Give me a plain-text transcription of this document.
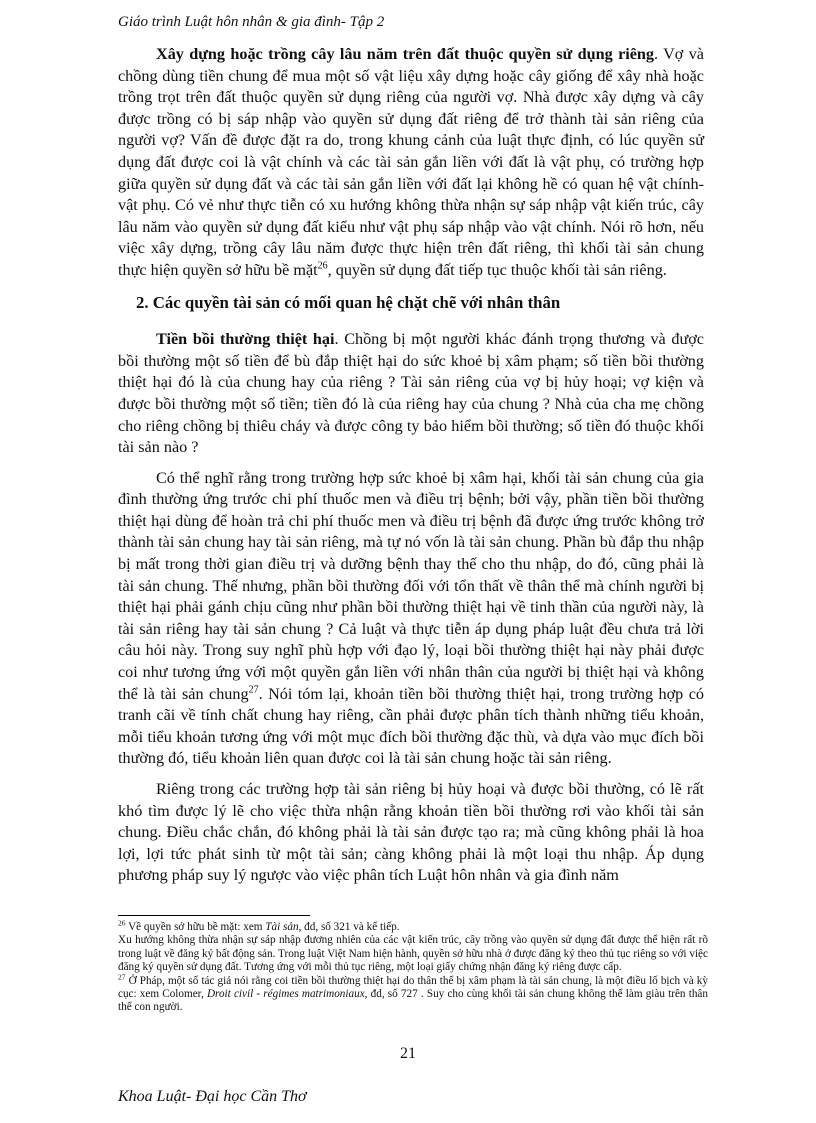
Giáo trình Luật hôn nhân & gia đình- Tập 2

Xây dựng hoặc trồng cây lâu năm trên đất thuộc quyền sử dụng riêng. Vợ và chồng dùng tiền chung để mua một số vật liệu xây dựng hoặc cây giống để xây nhà hoặc trồng trọt trên đất thuộc quyền sử dụng riêng của người vợ. Nhà được xây dựng và cây được trồng có bị sáp nhập vào quyền sử dụng đất riêng để trở thành tài sản riêng của người vợ? Vấn đề được đặt ra do, trong khung cảnh của luật thực định, có lúc quyền sử dụng đất được coi là vật chính và các tài sản gắn liền với đất là vật phụ, có trường hợp giữa quyền sử dụng đất và các tài sản gắn liền với đất lại không hề có quan hệ vật chính-vật phụ. Có vẻ như thực tiễn có xu hướng không thừa nhận sự sáp nhập vật kiến trúc, cây lâu năm vào quyền sử dụng đất kiểu như vật phụ sáp nhập vào vật chính. Nói rõ hơn, nếu việc xây dựng, trồng cây lâu năm được thực hiện trên đất riêng, thì khối tài sản chung thực hiện quyền sở hữu bề mặt$^{26}$, quyền sử dụng đất tiếp tục thuộc khối tài sản riêng.

2. Các quyền tài sản có mối quan hệ chặt chẽ với nhân thân

Tiền bồi thường thiệt hại. Chồng bị một người khác đánh trọng thương và được bồi thường một số tiền để bù đắp thiệt hại do sức khoẻ bị xâm phạm; số tiền bồi thường thiệt hại đó là của chung hay của riêng ? Tài sản riêng của vợ bị hủy hoại; vợ kiện và được bồi thường một số tiền; tiền đó là của riêng hay của chung ? Nhà của cha mẹ chồng cho riêng chồng bị thiêu cháy và được công ty bảo hiểm bồi thường; số tiền đó thuộc khối tài sản nào ?

Có thể nghĩ rằng trong trường hợp sức khoẻ bị xâm hại, khối tài sản chung của gia đình thường ứng trước chi phí thuốc men và điều trị bệnh; bởi vậy, phần tiền bồi thường thiệt hại dùng để hoàn trả chi phí thuốc men và điều trị bệnh đã được ứng trước không trở thành tài sản chung hay tài sản riêng, mà tự nó vốn là tài sản chung. Phần bù đắp thu nhập bị mất trong thời gian điều trị và dưỡng bệnh thay thế cho thu nhập, do đó, cũng phải là tài sản chung. Thế nhưng, phần bồi thường đối với tổn thất về thân thể mà chính người bị thiệt hại phải gánh chịu cũng như phần bồi thường thiệt hại về tinh thần của người này, là tài sản riêng hay tài sản chung ? Cả luật và thực tiễn áp dụng pháp luật đều chưa trả lời câu hỏi này. Trong suy nghĩ phù hợp với đạo lý, loại bồi thường thiệt hại này phải được coi như tương ứng với một quyền gắn liền với nhân thân của người bị thiệt hại và không thể là tài sản chung$^{27}$. Nói tóm lại, khoản tiền bồi thường thiệt hại, trong trường hợp có tranh cãi về tính chất chung hay riêng, cần phải được phân tích thành những tiểu khoản, mỗi tiểu khoản tương ứng với một mục đích bồi thường đặc thù, và dựa vào mục đích bồi thường đó, tiểu khoản liên quan được coi là tài sản chung hoặc tài sản riêng.

Riêng trong các trường hợp tài sản riêng bị hủy hoại và được bồi thường, có lẽ rất khó tìm được lý lẽ cho việc thừa nhận rằng khoản tiền bồi thường rơi vào khối tài sản chung. Điều chắc chắn, đó không phải là tài sản được tạo ra; mà cũng không phải là hoa lợi, lợi tức phát sinh từ một tài sản; càng không phải là một loại thu nhập. Áp dụng phương pháp suy lý ngược vào việc phân tích Luật hôn nhân và gia đình năm

$^{26}$ Về quyền sở hữu bề mặt: xem Tài sản, đd, số 321 và kế tiếp.

Xu hướng không thừa nhận sự sáp nhập đương nhiên của các vật kiến trúc, cây trồng vào quyền sử dụng đất được thể hiện rất rõ trong luật về đăng ký bất động sản. Trong luật Việt Nam hiện hành, quyền sở hữu nhà ở được đăng ký theo thủ tục riêng so với việc đăng ký quyền sử dụng đất. Tương ứng với mỗi thủ tục riêng, một loại giấy chứng nhận đăng ký riêng được cấp.

$^{27}$ Ở Pháp, một số tác giả nói rằng coi tiền bồi thường thiệt hại do thân thể bị xâm phạm là tài sản chung, là một điều lố bịch và kỳ cục: xem Colomer, Droit civil - régimes matrimoniaux, đd, số 727 . Suy cho cùng khối tài sản chung không thể làm giàu trên thân thể con người.

21
Khoa Luật- Đại học Cần Thơ
